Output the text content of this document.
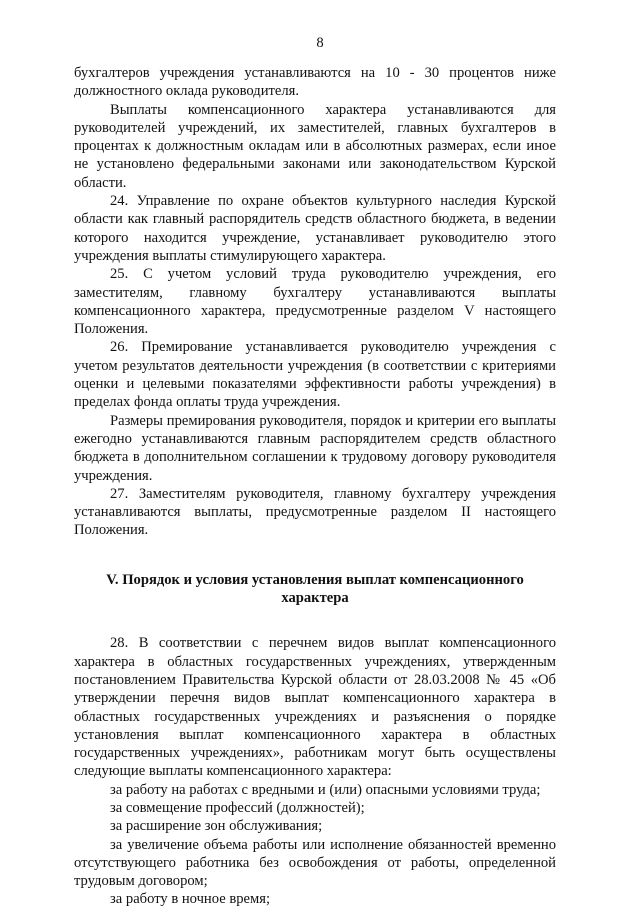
8

бухгалтеров учреждения устанавливаются на 10 - 30 процентов ниже должностного оклада руководителя.

Выплаты компенсационного характера устанавливаются для руководителей учреждений, их заместителей, главных бухгалтеров в процентах к должностным окладам или в абсолютных размерах, если иное не установлено федеральными законами или законодательством Курской области.

24. Управление по охране объектов культурного наследия Курской области как главный распорядитель средств областного бюджета, в ведении которого находится учреждение, устанавливает руководителю этого учреждения выплаты стимулирующего характера.

25. С учетом условий труда руководителю учреждения, его заместителям, главному бухгалтеру устанавливаются выплаты компенсационного характера, предусмотренные разделом V настоящего Положения.

26. Премирование устанавливается руководителю учреждения с учетом результатов деятельности учреждения (в соответствии с критериями оценки и целевыми показателями эффективности работы учреждения) в пределах фонда оплаты труда учреждения.

Размеры премирования руководителя, порядок и критерии его выплаты ежегодно устанавливаются главным распорядителем средств областного бюджета в дополнительном соглашении к трудовому договору руководителя учреждения.

27. Заместителям руководителя, главному бухгалтеру учреждения устанавливаются выплаты, предусмотренные разделом II настоящего Положения.

V. Порядок и условия установления выплат компенсационного характера

28. В соответствии с перечнем видов выплат компенсационного характера в областных государственных учреждениях, утвержденным постановлением Правительства Курской области от 28.03.2008 № 45 «Об утверждении перечня видов выплат компенсационного характера в областных государственных учреждениях и разъяснения о порядке установления выплат компенсационного характера в областных государственных учреждениях», работникам могут быть осуществлены следующие выплаты компенсационного характера:

за работу на работах с вредными и (или) опасными условиями труда;

за совмещение профессий (должностей);

за расширение зон обслуживания;

за увеличение объема работы или исполнение обязанностей временно отсутствующего работника без освобождения от работы, определенной трудовым договором;

за работу в ночное время;
